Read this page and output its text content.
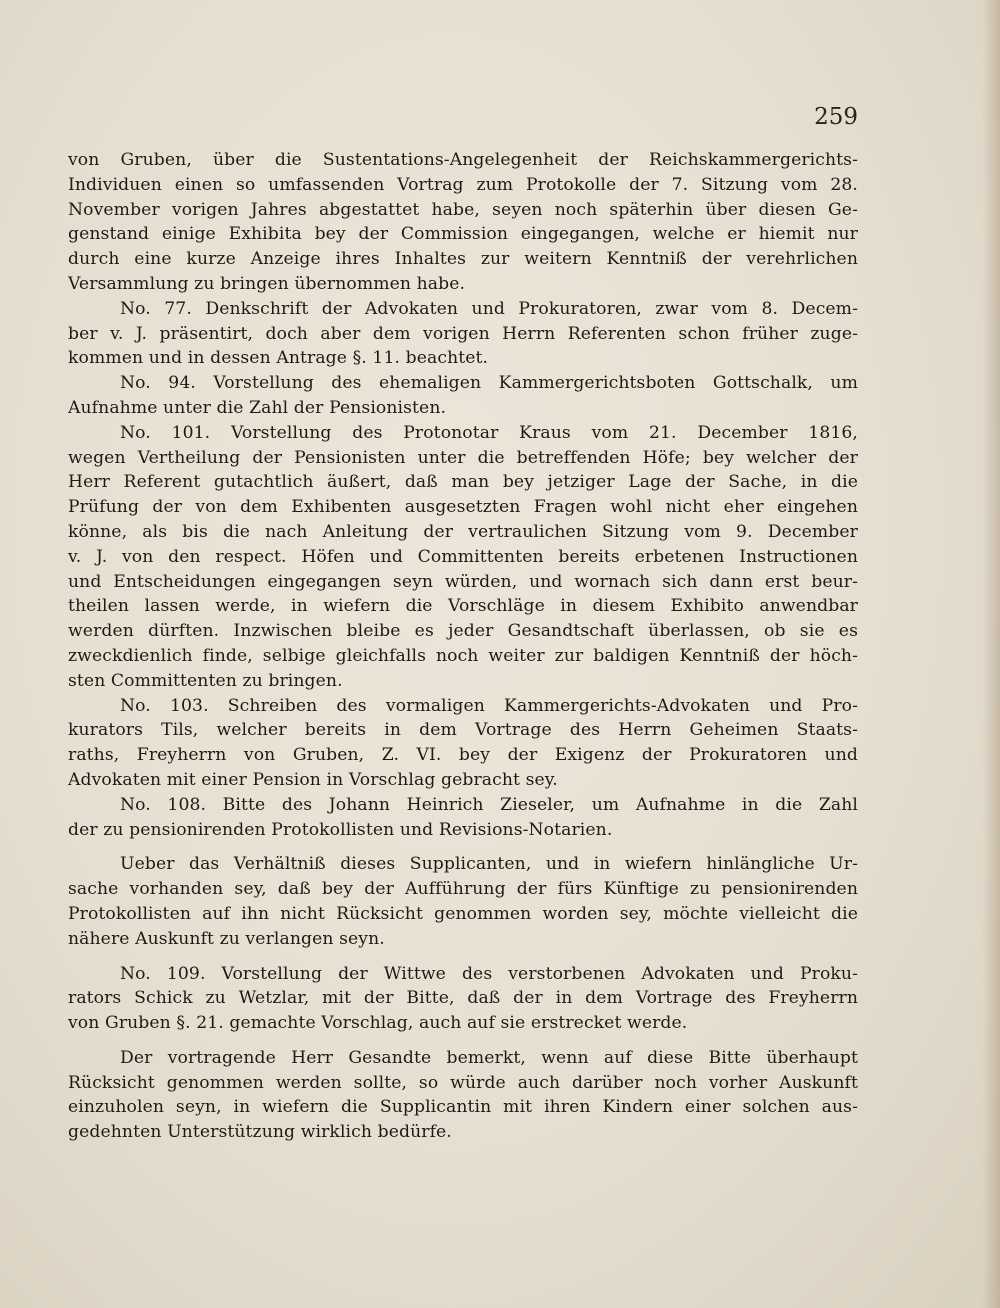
259

von Gruben, über die Sustentations-Angelegenheit der Reichskammergerichts-

Individuen einen so umfassenden Vortrag zum Protokolle der 7. Sitzung vom 28.

November vorigen Jahres abgestattet habe, seyen noch späterhin über diesen Ge-

genstand einige Exhibita bey der Commission eingegangen, welche er hiemit nur

durch eine kurze Anzeige ihres Inhaltes zur weitern Kenntniß der verehrlichen

Versammlung zu bringen übernommen habe.

No. 77. Denkschrift der Advokaten und Prokuratoren, zwar vom 8. Decem-

ber v. J. präsentirt, doch aber dem vorigen Herrn Referenten schon früher zuge-

kommen und in dessen Antrage §. 11. beachtet.

No. 94. Vorstellung des ehemaligen Kammergerichtsboten Gottschalk, um

Aufnahme unter die Zahl der Pensionisten.

No. 101. Vorstellung des Protonotar Kraus vom 21. December 1816,

wegen Vertheilung der Pensionisten unter die betreffenden Höfe; bey welcher der

Herr Referent gutachtlich äußert, daß man bey jetziger Lage der Sache, in die

Prüfung der von dem Exhibenten ausgesetzten Fragen wohl nicht eher eingehen

könne, als bis die nach Anleitung der vertraulichen Sitzung vom 9. December

v. J. von den respect. Höfen und Committenten bereits erbetenen Instructionen

und Entscheidungen eingegangen seyn würden, und wornach sich dann erst beur-

theilen lassen werde, in wiefern die Vorschläge in diesem Exhibito anwendbar

werden dürften. Inzwischen bleibe es jeder Gesandtschaft überlassen, ob sie es

zweckdienlich finde, selbige gleichfalls noch weiter zur baldigen Kenntniß der höch-

sten Committenten zu bringen.

No. 103. Schreiben des vormaligen Kammergerichts-Advokaten und Pro-

kurators Tils, welcher bereits in dem Vortrage des Herrn Geheimen Staats-

raths, Freyherrn von Gruben, Z. VI. bey der Exigenz der Prokuratoren und

Advokaten mit einer Pension in Vorschlag gebracht sey.

No. 108. Bitte des Johann Heinrich Zieseler, um Aufnahme in die Zahl

der zu pensionirenden Protokollisten und Revisions-Notarien.

Ueber das Verhältniß dieses Supplicanten, und in wiefern hinlängliche Ur-

sache vorhanden sey, daß bey der Aufführung der fürs Künftige zu pensionirenden

Protokollisten auf ihn nicht Rücksicht genommen worden sey, möchte vielleicht die

nähere Auskunft zu verlangen seyn.

No. 109. Vorstellung der Wittwe des verstorbenen Advokaten und Proku-

rators Schick zu Wetzlar, mit der Bitte, daß der in dem Vortrage des Freyherrn

von Gruben §. 21. gemachte Vorschlag, auch auf sie erstrecket werde.

Der vortragende Herr Gesandte bemerkt, wenn auf diese Bitte überhaupt

Rücksicht genommen werden sollte, so würde auch darüber noch vorher Auskunft

einzuholen seyn, in wiefern die Supplicantin mit ihren Kindern einer solchen aus-

gedehnten Unterstützung wirklich bedürfe.
